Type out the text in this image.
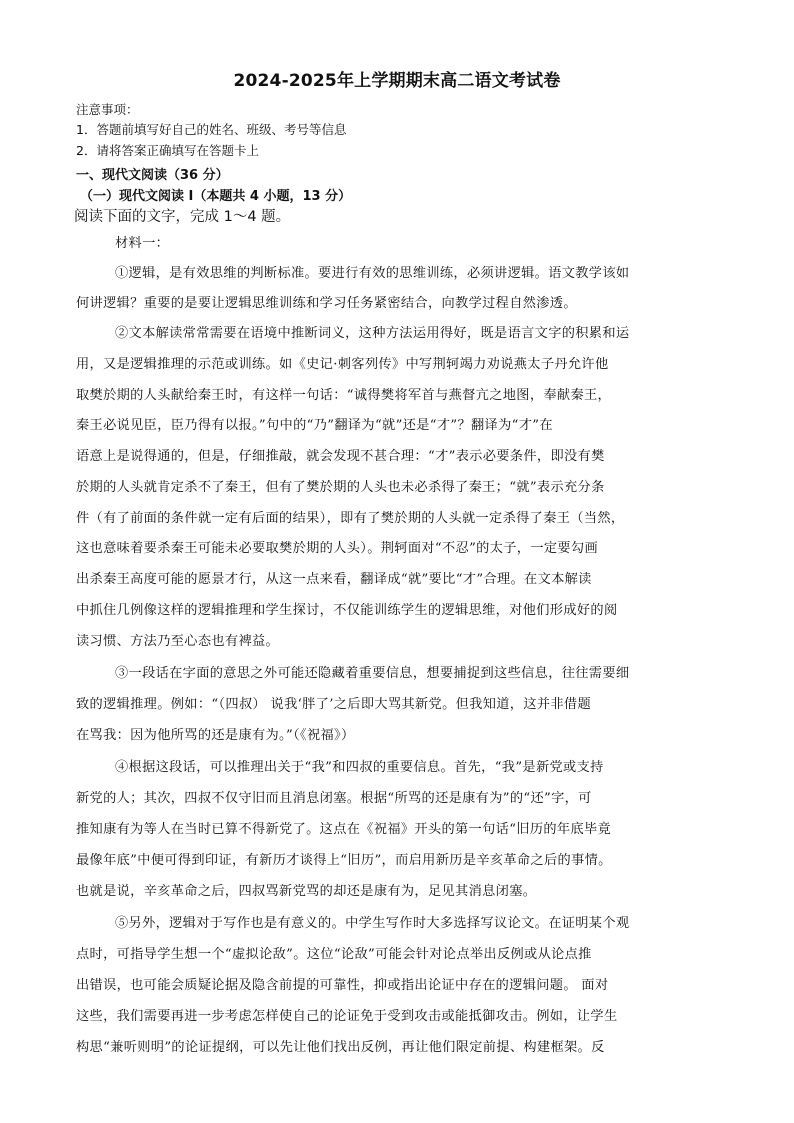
2024-2025年上学期期末高二语文考试卷
注意事项：
1．答题前填写好自己的姓名、班级、考号等信息
2．请将答案正确填写在答题卡上
一、现代文阅读（36 分）
（一）现代文阅读 I（本题共 4 小题，13 分）
阅读下面的文字，完成 1～4 题。
材料一：
①逻辑，是有效思维的判断标准。要进行有效的思维训练，必须讲逻辑。语文教学该如
何讲逻辑？重要的是要让逻辑思维训练和学习任务紧密结合，向教学过程自然渗透。
②文本解读常常需要在语境中推断词义，这种方法运用得好，既是语言文字的积累和运
用，又是逻辑推理的示范或训练。如《史记·刺客列传》中写荆轲竭力劝说燕太子丹允许他
取樊於期的人头献给秦王时，有这样一句话：“诚得樊将军首与燕督亢之地图，奉献秦王，
秦王必说见臣，臣乃得有以报。”句中的“乃”翻译为“就”还是“才”？翻译为“才”在
语意上是说得通的，但是，仔细推敲，就会发现不甚合理：“才”表示必要条件，即没有樊
於期的人头就肯定杀不了秦王，但有了樊於期的人头也未必杀得了秦王；“就”表示充分条
件（有了前面的条件就一定有后面的结果），即有了樊於期的人头就一定杀得了秦王（当然，
这也意味着要杀秦王可能未必要取樊於期的人头）。荆轲面对“不忍”的太子，一定要勾画
出杀秦王高度可能的愿景才行，从这一点来看，翻译成“就”要比“才”合理。在文本解读
中抓住几例像这样的逻辑推理和学生探讨，不仅能训练学生的逻辑思维，对他们形成好的阅
读习惯、方法乃至心态也有裨益。
③一段话在字面的意思之外可能还隐藏着重要信息，想要捕捉到这些信息，往往需要细
致的逻辑推理。例如：“（四叔） 说我‘胖了’之后即大骂其新党。但我知道，这并非借题
在骂我：因为他所骂的还是康有为。”（《祝福》）
④根据这段话，可以推理出关于“我”和四叔的重要信息。首先，“我”是新党或支持
新党的人；其次，四叔不仅守旧而且消息闭塞。根据“所骂的还是康有为”的“还”字，可
推知康有为等人在当时已算不得新党了。这点在《祝福》开头的第一句话“旧历的年底毕竟
最像年底”中便可得到印证，有新历才谈得上“旧历”，而启用新历是辛亥革命之后的事情。
也就是说，辛亥革命之后，四叔骂新党骂的却还是康有为，足见其消息闭塞。
⑤另外，逻辑对于写作也是有意义的。中学生写作时大多选择写议论文。在证明某个观
点时，可指导学生想一个“虚拟论敌”。这位“论敌”可能会针对论点举出反例或从论点推
出错误，也可能会质疑论据及隐含前提的可靠性，抑或指出论证中存在的逻辑问题。 面对
这些，我们需要再进一步考虑怎样使自己的论证免于受到攻击或能抵御攻击。例如，让学生
构思“兼听则明”的论证提纲，可以先让他们找出反例，再让他们限定前提、构建框架。反
